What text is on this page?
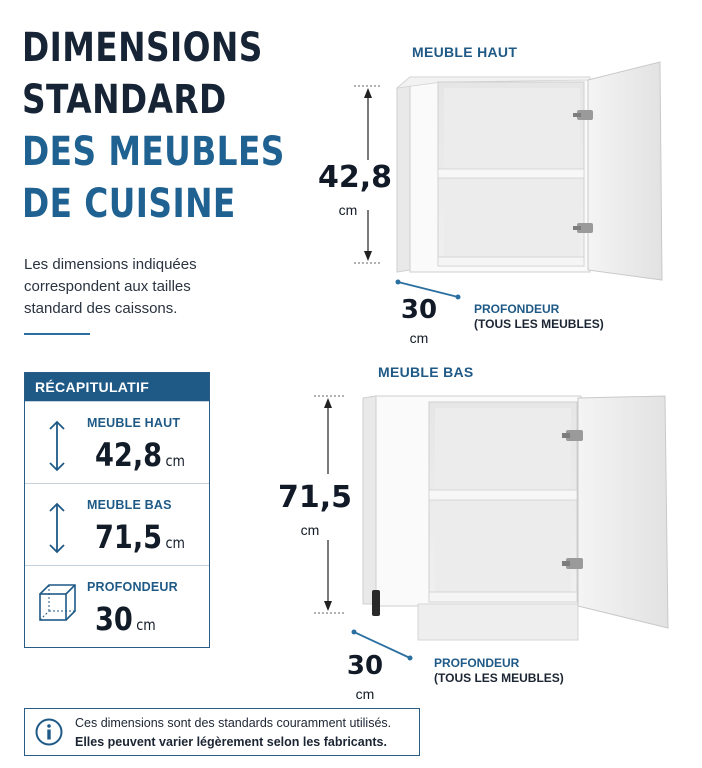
DIMENSIONS
STANDARD
DES MEUBLES
DE CUISINE
Les dimensions indiquées
correspondent aux tailles
standard des caissons.
RÉCAPITULATIF
MEUBLE HAUT
42,8 cm
MEUBLE BAS
71,5 cm
PROFONDEUR
30 cm
Ces dimensions sont des standards couramment utilisés.
Elles peuvent varier légèrement selon les fabricants.
MEUBLE HAUT
42,8
cm
30
cm
PROFONDEUR
(TOUS LES MEUBLES)
MEUBLE BAS
71,5
cm
30
cm
PROFONDEUR
(TOUS LES MEUBLES)
